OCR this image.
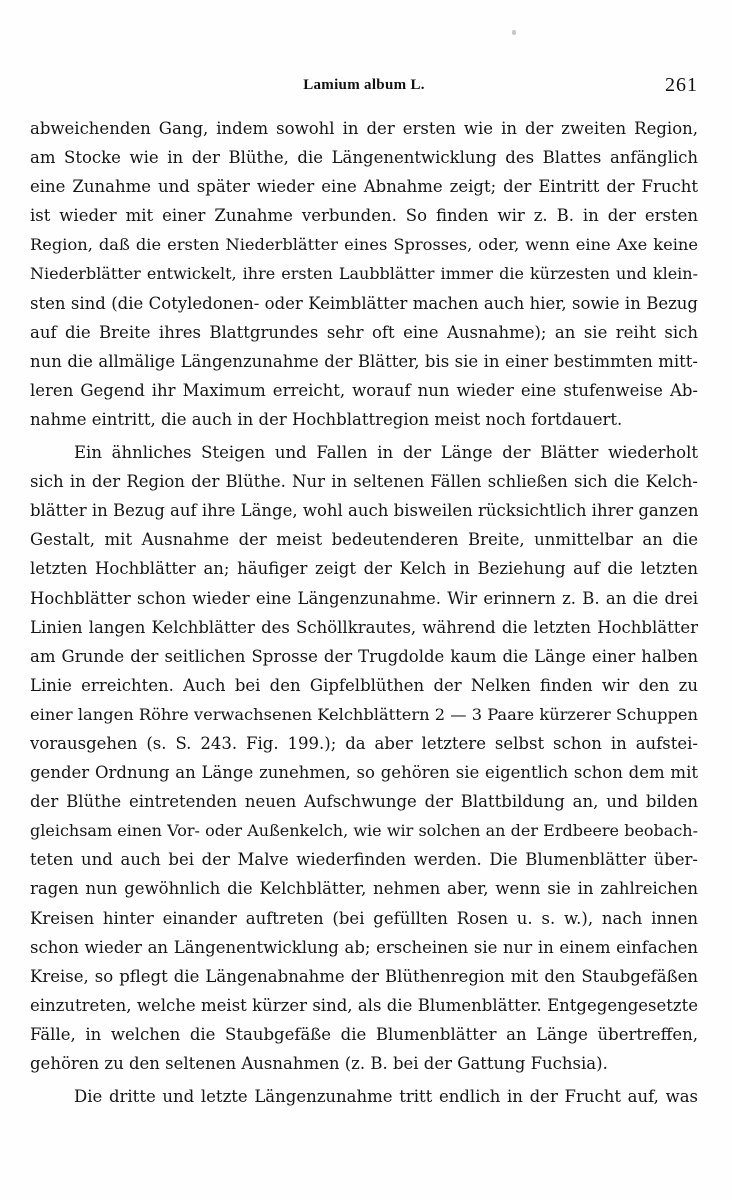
Lamium album L.	261
abweichenden Gang, indem sowohl in der ersten wie in der zweiten Region,
am Stocke wie in der Blüthe, die Längenentwicklung des Blattes anfänglich
eine Zunahme und später wieder eine Abnahme zeigt; der Eintritt der Frucht
ist wieder mit einer Zunahme verbunden. So finden wir z. B. in der ersten
Region, daß die ersten Niederblätter eines Sprosses, oder, wenn eine Axe keine
Niederblätter entwickelt, ihre ersten Laubblätter immer die kürzesten und klein-
sten sind (die Cotyledonen- oder Keimblätter machen auch hier, sowie in Bezug
auf die Breite ihres Blattgrundes sehr oft eine Ausnahme); an sie reiht sich
nun die allmälige Längenzunahme der Blätter, bis sie in einer bestimmten mitt-
leren Gegend ihr Maximum erreicht, worauf nun wieder eine stufenweise Ab-
nahme eintritt, die auch in der Hochblattregion meist noch fortdauert.
Ein ähnliches Steigen und Fallen in der Länge der Blätter wiederholt
sich in der Region der Blüthe. Nur in seltenen Fällen schließen sich die Kelch-
blätter in Bezug auf ihre Länge, wohl auch bisweilen rücksichtlich ihrer ganzen
Gestalt, mit Ausnahme der meist bedeutenderen Breite, unmittelbar an die
letzten Hochblätter an; häufiger zeigt der Kelch in Beziehung auf die letzten
Hochblätter schon wieder eine Längenzunahme. Wir erinnern z. B. an die drei
Linien langen Kelchblätter des Schöllkrautes, während die letzten Hochblätter
am Grunde der seitlichen Sprosse der Trugdolde kaum die Länge einer halben
Linie erreichten. Auch bei den Gipfelblüthen der Nelken finden wir den zu
einer langen Röhre verwachsenen Kelchblättern 2 — 3 Paare kürzerer Schuppen
vorausgehen (s. S. 243. Fig. 199.); da aber letztere selbst schon in aufstei-
gender Ordnung an Länge zunehmen, so gehören sie eigentlich schon dem mit
der Blüthe eintretenden neuen Aufschwunge der Blattbildung an, und bilden
gleichsam einen Vor- oder Außenkelch, wie wir solchen an der Erdbeere beobach-
teten und auch bei der Malve wiederfinden werden. Die Blumenblätter über-
ragen nun gewöhnlich die Kelchblätter, nehmen aber, wenn sie in zahlreichen
Kreisen hinter einander auftreten (bei gefüllten Rosen u. s. w.), nach innen
schon wieder an Längenentwicklung ab; erscheinen sie nur in einem einfachen
Kreise, so pflegt die Längenabnahme der Blüthenregion mit den Staubgefäßen
einzutreten, welche meist kürzer sind, als die Blumenblätter. Entgegengesetzte
Fälle, in welchen die Staubgefäße die Blumenblätter an Länge übertreffen,
gehören zu den seltenen Ausnahmen (z. B. bei der Gattung Fuchsia).
Die dritte und letzte Längenzunahme tritt endlich in der Frucht auf, was
